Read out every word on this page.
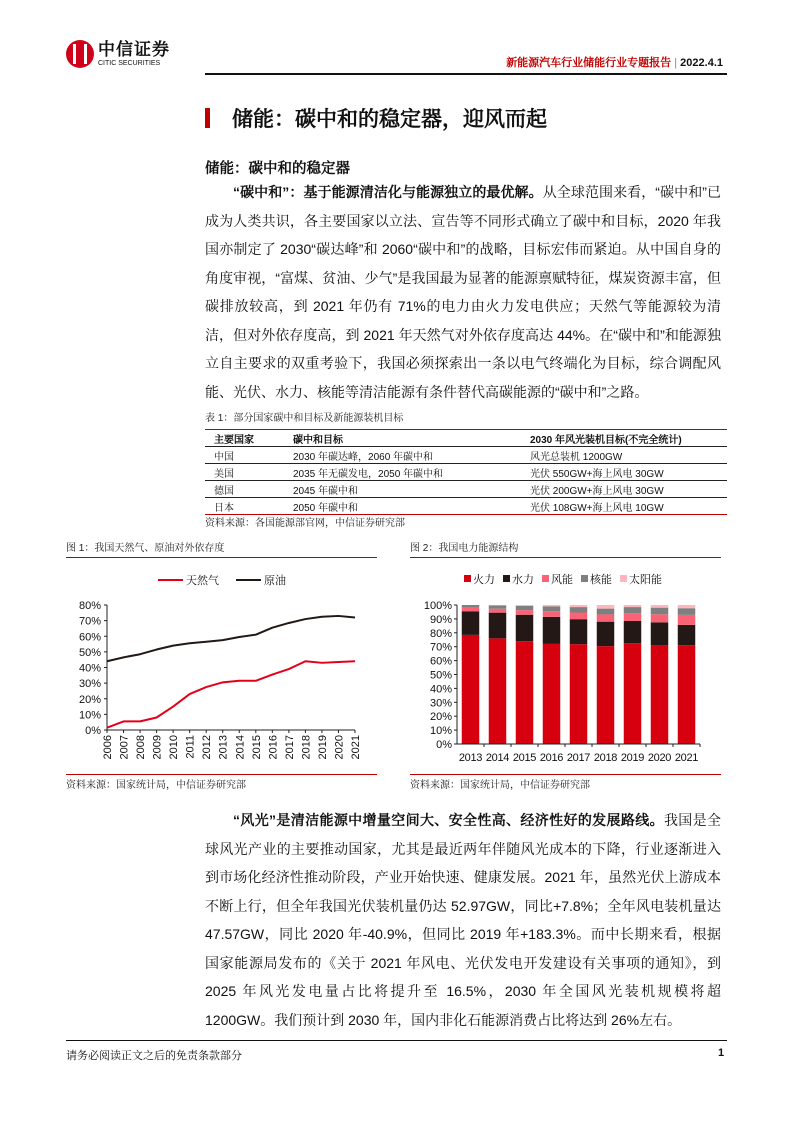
中信证券
CITIC SECURITIES	新能源汽车行业储能行业专题报告 | 2022.4.1
储能：碳中和的稳定器，迎风而起
储能：碳中和的稳定器
“碳中和”：基于能源清洁化与能源独立的最优解。从全球范围来看，“碳中和”已成为人类共识，各主要国家以立法、宣告等不同形式确立了碳中和目标，2020 年我国亦制定了 2030“碳达峰”和 2060“碳中和”的战略，目标宏伟而紧迫。从中国自身的角度审视，“富煤、贫油、少气”是我国最为显著的能源禀赋特征，煤炭资源丰富，但碳排放较高，到 2021 年仍有 71%的电力由火力发电供应；天然气等能源较为清洁，但对外依存度高，到 2021 年天然气对外依存度高达 44%。在“碳中和”和能源独立自主要求的双重考验下，我国必须探索出一条以电气终端化为目标，综合调配风能、光伏、水力、核能等清洁能源有条件替代高碳能源的“碳中和”之路。
表 1：部分国家碳中和目标及新能源装机目标
主要国家	碳中和目标	2030 年风光装机目标(不完全统计)
中国	2030 年碳达峰，2060 年碳中和	风光总装机 1200GW
美国	2035 年无碳发电，2050 年碳中和	光伏 550GW+海上风电 30GW
德国	2045 年碳中和	光伏 200GW+海上风电 30GW
日本	2050 年碳中和	光伏 108GW+海上风电 10GW
资料来源：各国能源部官网，中信证券研究部
图 1：我国天然气、原油对外依存度
0%
10%
20%
30%
40%
50%
60%
70%
80%
2006 2007 2008 2009 2010 2011 2012 2013 2014 2015 2016 2017 2018 2019 2020 2021
天然气	原油
资料来源：国家统计局，中信证券研究部
图 2：我国电力能源结构
0%
10%
20%
30%
40%
50%
60%
70%
80%
90%
100%
2013 2014 2015 2016 2017 2018 2019 2020 2021
火力 水力 风能 核能 太阳能
资料来源：国家统计局，中信证券研究部
“风光”是清洁能源中增量空间大、安全性高、经济性好的发展路线。我国是全球风光产业的主要推动国家，尤其是最近两年伴随风光成本的下降，行业逐渐进入到市场化经济性推动阶段，产业开始快速、健康发展。2021 年，虽然光伏上游成本不断上行，但全年我国光伏装机量仍达 52.97GW，同比+7.8%；全年风电装机量达 47.57GW，同比 2020 年-40.9%，但同比 2019 年+183.3%。而中长期来看，根据国家能源局发布的《关于 2021 年风电、光伏发电开发建设有关事项的通知》，到 2025 年风光发电量占比将提升至 16.5%，2030 年全国风光装机规模将超 1200GW。我们预计到 2030 年，国内非化石能源消费占比将达到 26%左右。
请务必阅读正文之后的免责条款部分	1
